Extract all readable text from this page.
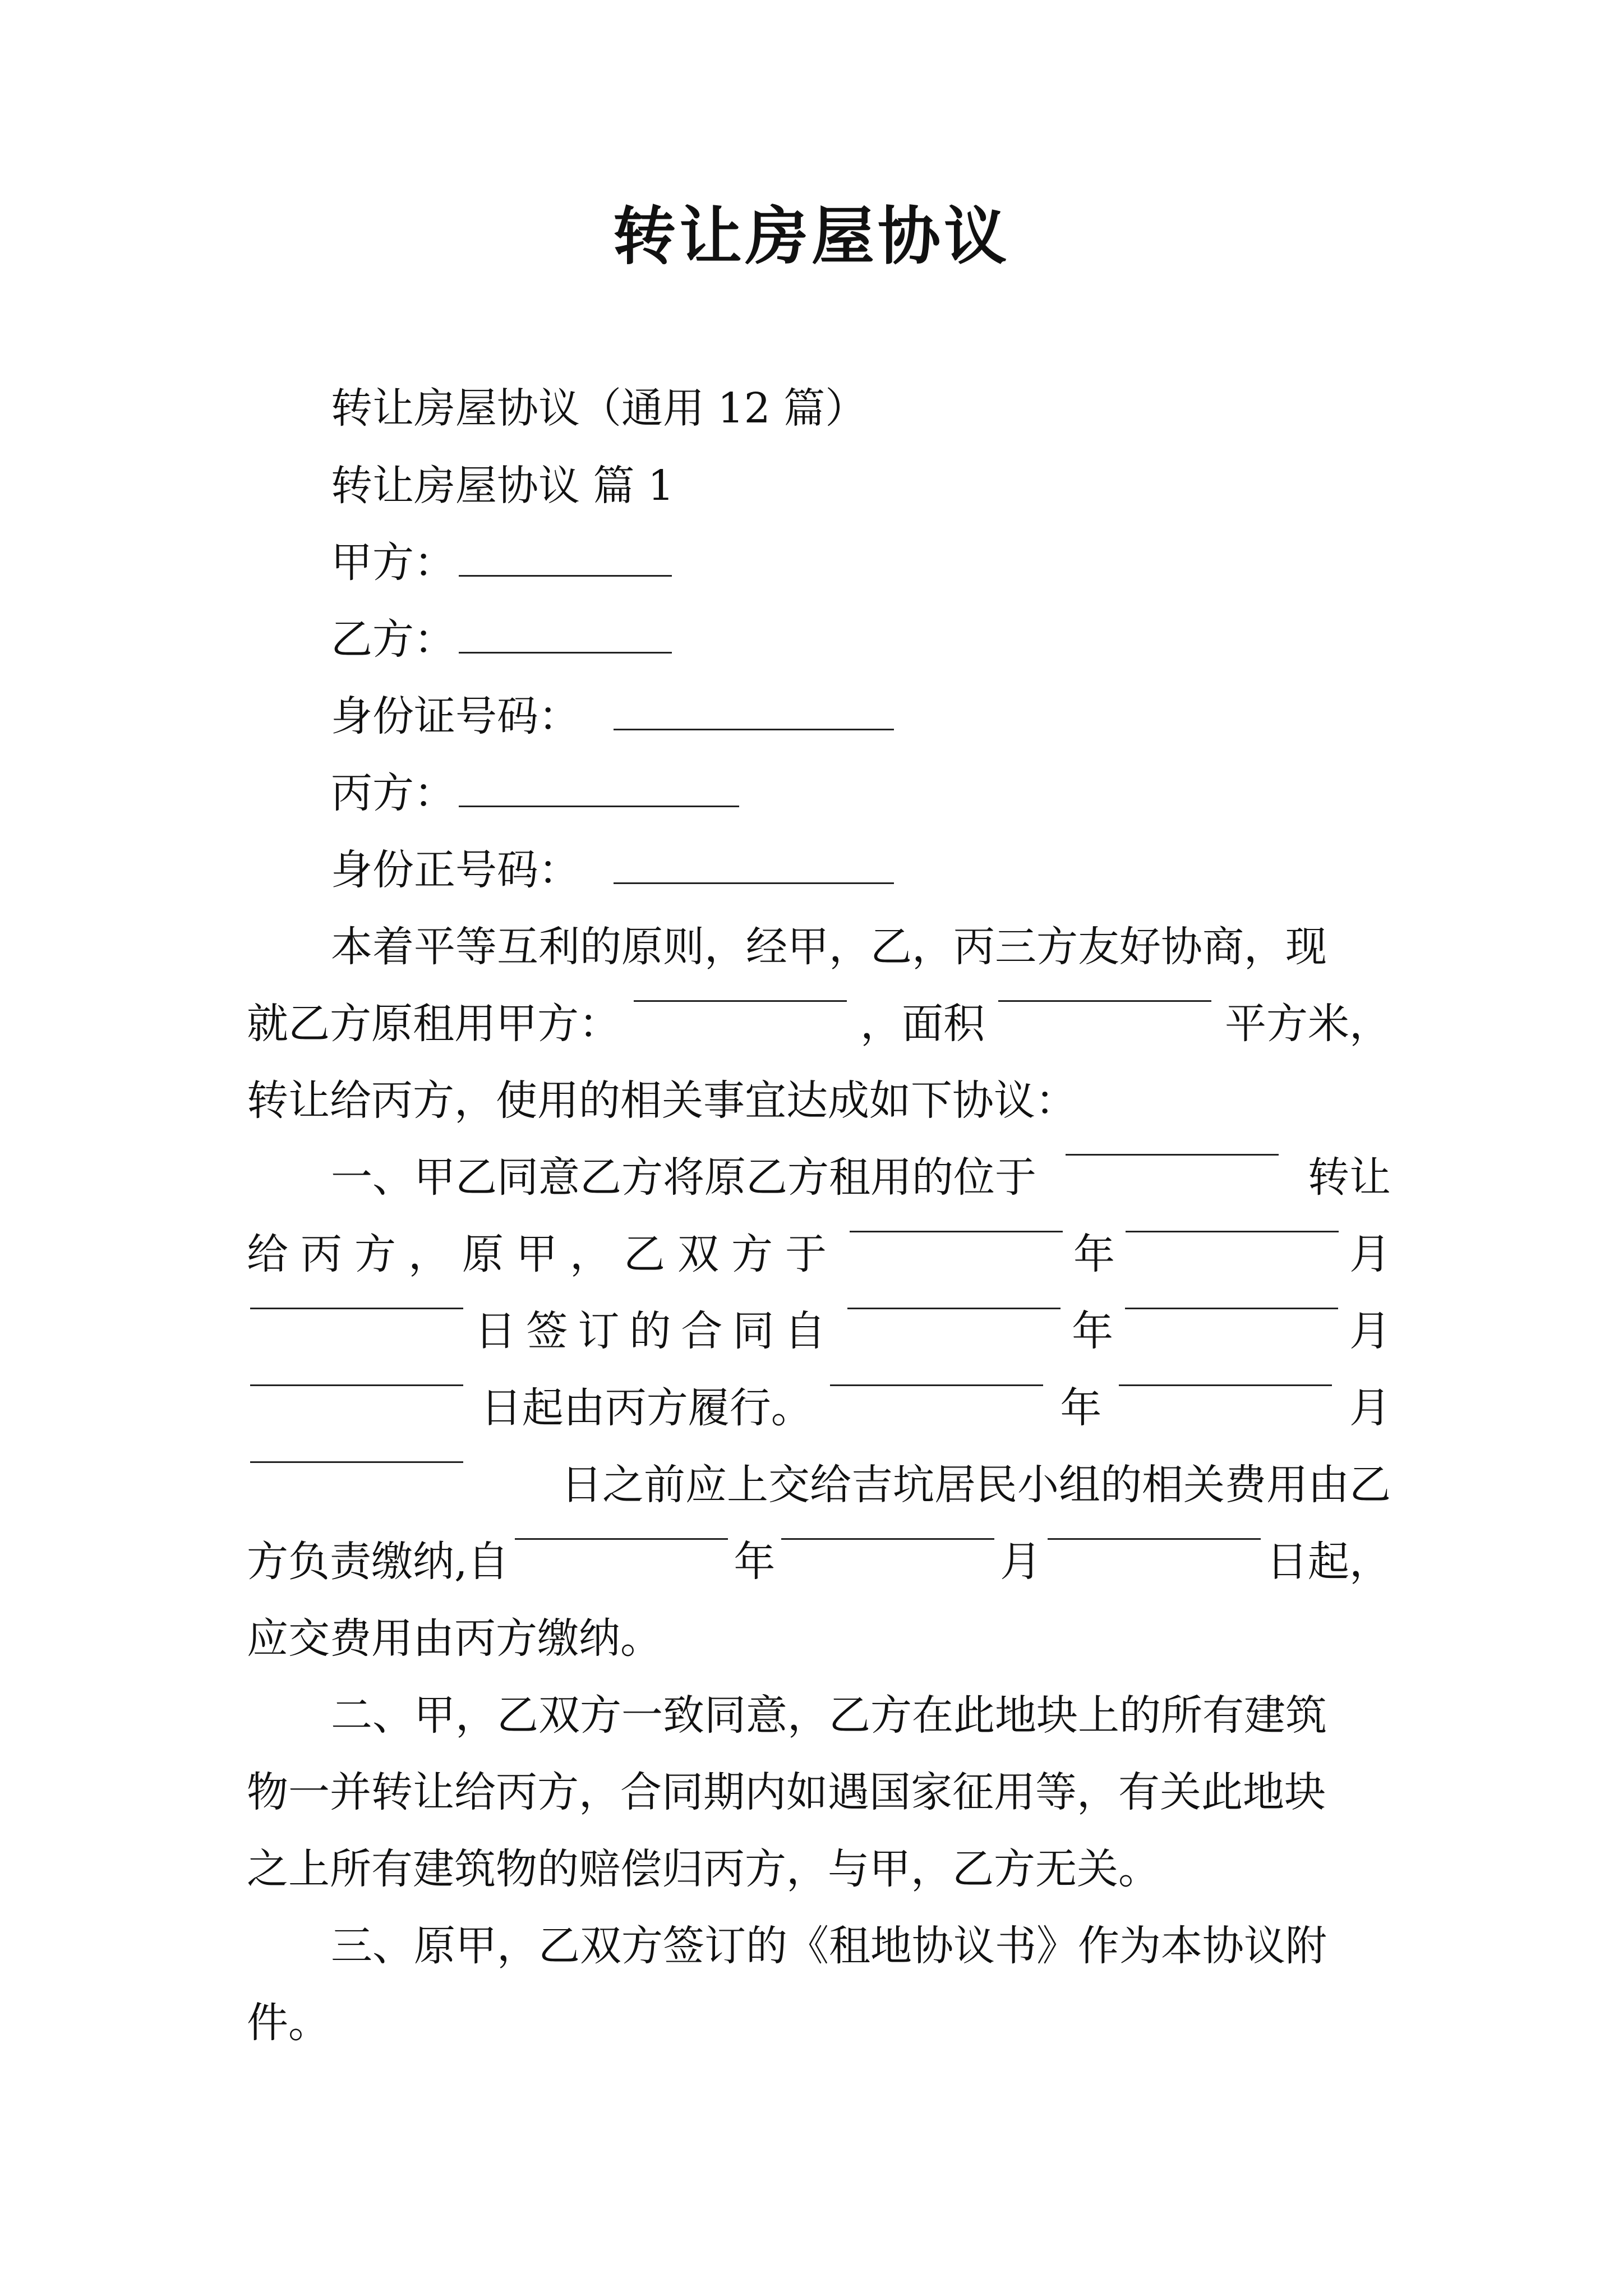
转让房屋协议
转让房屋协议（通用 12 篇）
转让房屋协议 篇 1
甲方：
乙方：
身份证号码：
丙方：
身份正号码：
本着平等互利的原则，经甲，乙，丙三方友好协商，现
就乙方原租用甲方：	，面积	平方米，
转让给丙方，使用的相关事宜达成如下协议：
一、甲乙同意乙方将原乙方租用的位于	转让
给丙方，原甲，乙双方于	年	月
日签订的合同自	年	月
日起由丙方履行。	年	月
日之前应上交给吉坑居民小组的相关费用由乙
方负责缴纳,自	年	月	日起，
应交费用由丙方缴纳。
二、甲，乙双方一致同意，乙方在此地块上的所有建筑
物一并转让给丙方，合同期内如遇国家征用等，有关此地块
之上所有建筑物的赔偿归丙方，与甲，乙方无关。
三、原甲，乙双方签订的《租地协议书》作为本协议附
件。
